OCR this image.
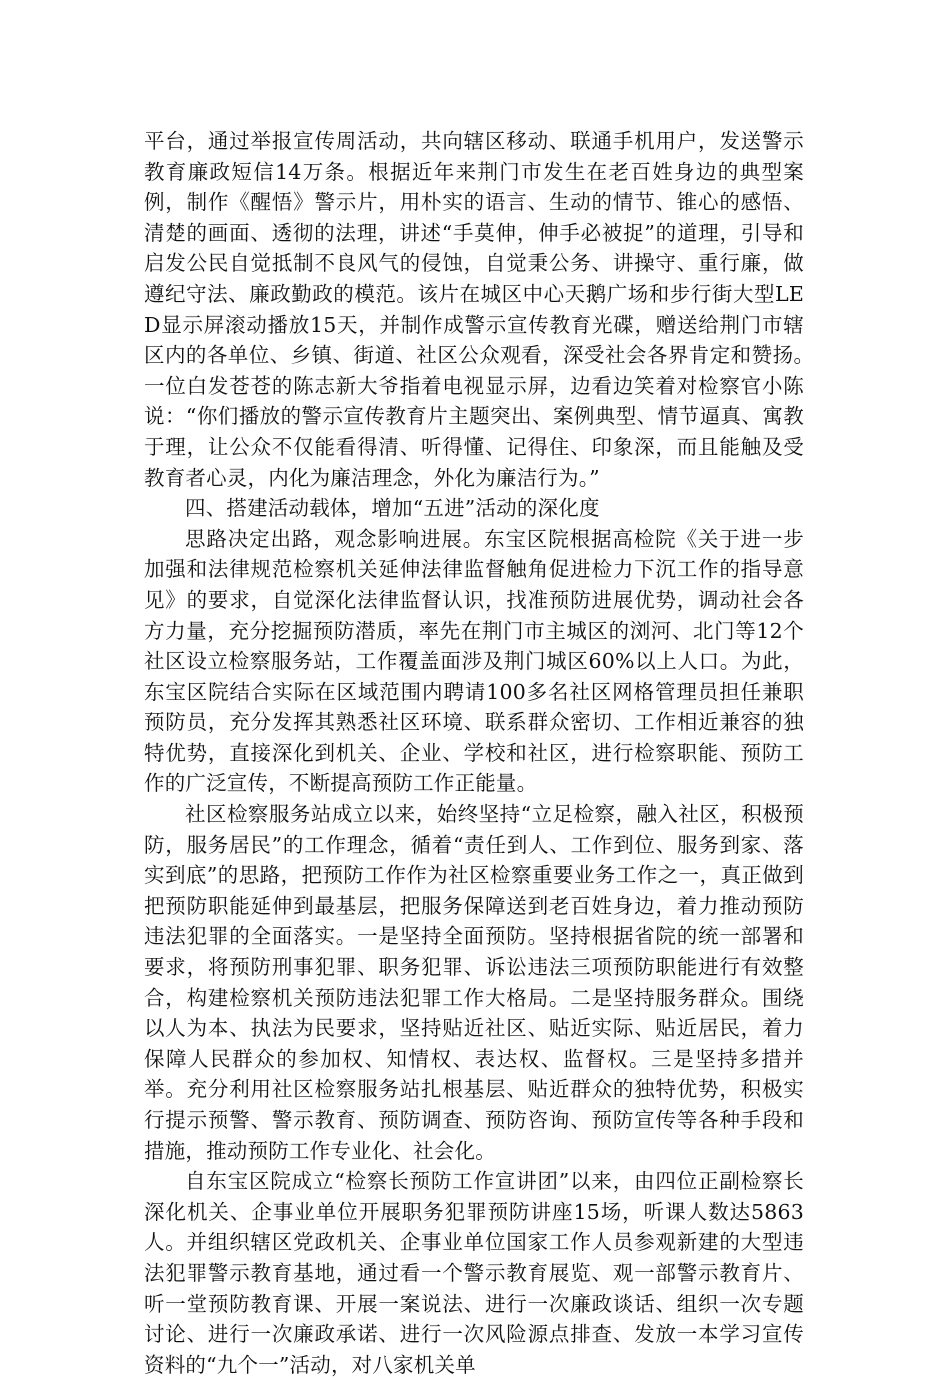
平台，通过举报宣传周活动，共向辖区移动、联通手机用户，发送警示教育廉政短信14万条。根据近年来荆门市发生在老百姓身边的典型案例，制作《醒悟》警示片，用朴实的语言、生动的情节、锥心的感悟、清楚的画面、透彻的法理，讲述“手莫伸，伸手必被捉”的道理，引导和启发公民自觉抵制不良风气的侵蚀，自觉秉公务、讲操守、重行廉，做遵纪守法、廉政勤政的模范。该片在城区中心天鹅广场和步行街大型LED显示屏滚动播放15天，并制作成警示宣传教育光碟，赠送给荆门市辖区内的各单位、乡镇、街道、社区公众观看，深受社会各界肯定和赞扬。　　一位白发苍苍的陈志新大爷指着电视显示屏，边看边笑着对检察官小陈说：“你们播放的警示宣传教育片主题突出、案例典型、情节逼真、寓教于理，让公众不仅能看得清、听得懂、记得住、印象深，而且能触及受教育者心灵，内化为廉洁理念，外化为廉洁行为。”

四、搭建活动载体，增加“五进”活动的深化度

思路决定出路，观念影响进展。东宝区院根据高检院《关于进一步加强和法律规范检察机关延伸法律监督触角促进检力下沉工作的指导意见》的要求，自觉深化法律监督认识，找准预防进展优势，调动社会各方力量，充分挖掘预防潜质，率先在荆门市主城区的浏河、北门等12个社区设立检察服务站，工作覆盖面涉及荆门城区60%以上人口。为此，东宝区院结合实际在区域范围内聘请100多名社区网格管理员担任兼职预防员，充分发挥其熟悉社区环境、联系群众密切、工作相近兼容的独特优势，直接深化到机关、企业、学校和社区，进行检察职能、预防工作的广泛宣传，不断提高预防工作正能量。

社区检察服务站成立以来，始终坚持“立足检察，融入社区，积极预防，服务居民”的工作理念，循着“责任到人、工作到位、服务到家、落实到底”的思路，把预防工作作为社区检察重要业务工作之一，真正做到把预防职能延伸到最基层，把服务保障送到老百姓身边，着力推动预防违法犯罪的全面落实。一是坚持全面预防。坚持根据省院的统一部署和要求，将预防刑事犯罪、职务犯罪、诉讼违法三项预防职能进行有效整合，构建检察机关预防违法犯罪工作大格局。二是坚持服务群众。围绕以人为本、执法为民要求，坚持贴近社区、贴近实际、贴近居民，着力保障人民群众的参加权、知情权、表达权、监督权。三是坚持多措并举。充分利用社区检察服务站扎根基层、贴近群众的独特优势，积极实行提示预警、警示教育、预防调查、预防咨询、预防宣传等各种手段和措施，推动预防工作专业化、社会化。

自东宝区院成立“检察长预防工作宣讲团”以来，由四位正副检察长深化机关、企事业单位开展职务犯罪预防讲座15场，听课人数达5863人。并组织辖区党政机关、企事业单位国家工作人员参观新建的大型违法犯罪警示教育基地，通过看一个警示教育展览、观一部警示教育片、听一堂预防教育课、开展一案说法、进行一次廉政谈话、组织一次专题讨论、进行一次廉政承诺、进行一次风险源点排查、发放一本学习宣传资料的“九个一”活动，对八家机关单
